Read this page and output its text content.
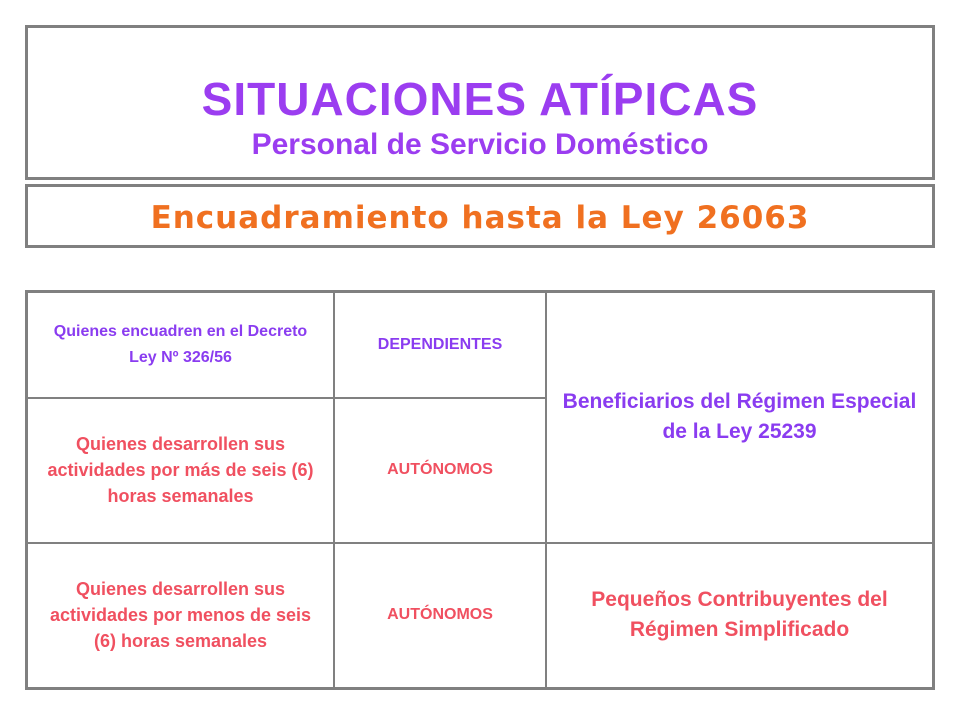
SITUACIONES ATÍPICAS
Personal de Servicio Doméstico
Encuadramiento hasta la Ley 26063
Quienes encuadren en el Decreto Ley Nº 326/56	DEPENDIENTES	Beneficiarios del Régimen Especial de la Ley 25239
Quienes desarrollen sus actividades por más de seis (6) horas semanales	AUTÓNOMOS	
Quienes desarrollen sus actividades por menos de seis (6) horas semanales	AUTÓNOMOS	Pequeños Contribuyentes del Régimen Simplificado
